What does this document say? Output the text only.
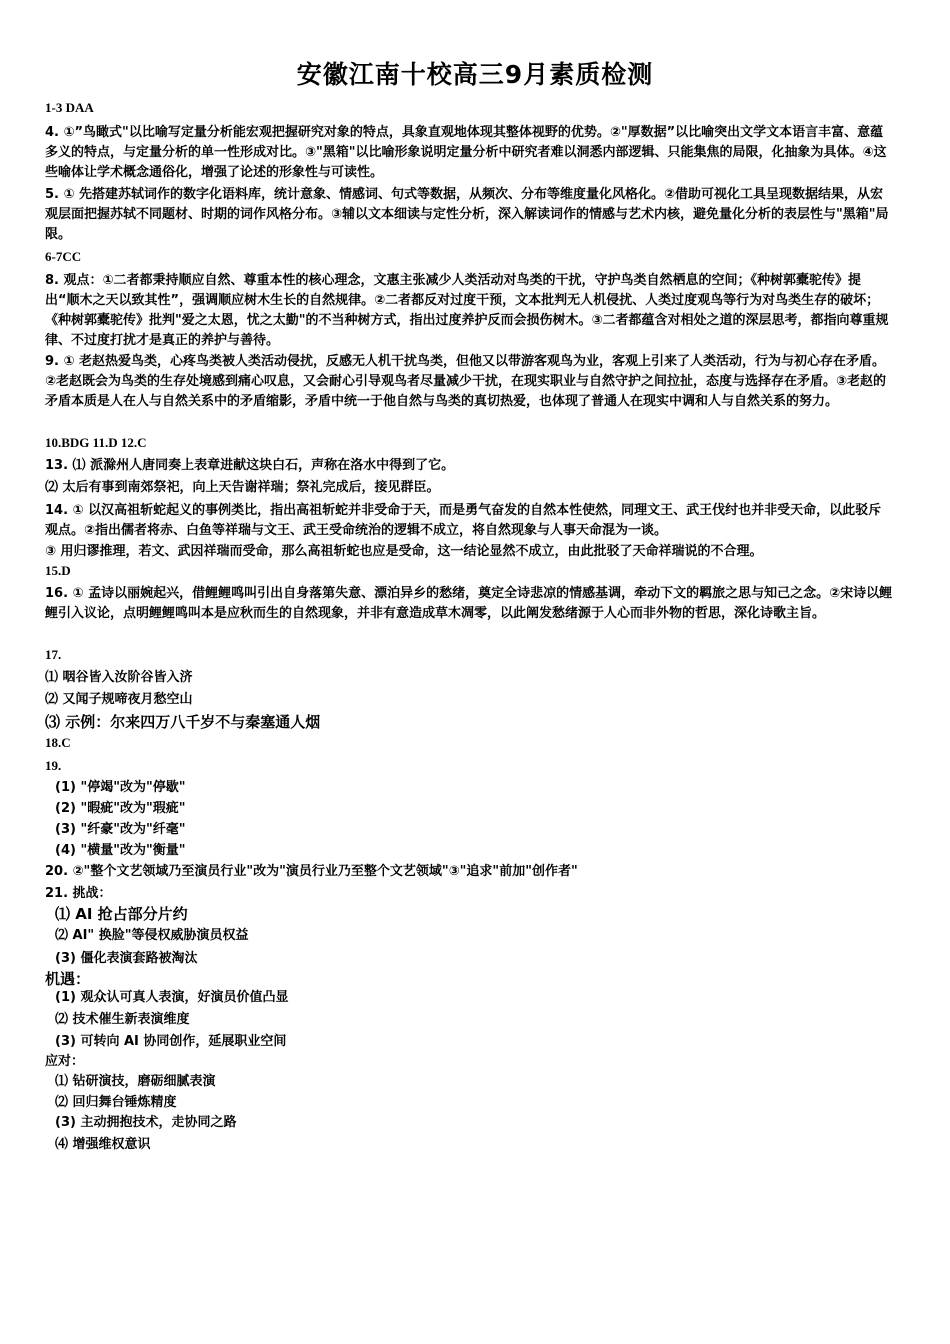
安徽江南十校高三9月素质检测
1-3 DAA
4. ①”鸟瞰式"以比喻写定量分析能宏观把握研究对象的特点，具象直观地体现其整体视野的优势。②"厚数据”以比喻突出文学文本语言丰富、意蕴多义的特点，与定量分析的单一性形成对比。③"黑箱"以比喻形象说明定量分析中研究者难以洞悉内部逻辑、只能集焦的局限，化抽象为具体。④这些喻体让学术概念通俗化，增强了论述的形象性与可读性。
5. ① 先搭建苏轼词作的数字化语料库，统计意象、情感词、句式等数据，从频次、分布等维度量化风格化。②借助可视化工具呈现数据结果，从宏观层面把握苏轼不同题材、时期的词作风格分布。③辅以文本细读与定性分析，深入解读词作的情感与艺术内核，避免量化分析的表层性与"黑箱"局限。
6-7CC
8. 观点：①二者都秉持顺应自然、尊重本性的核心理念，文惠主张减少人类活动对鸟类的干扰，守护鸟类自然栖息的空间；《种树郭橐驼传》提出“顺木之天以致其性”，强调顺应树木生长的自然规律。②二者都反对过度干预，文本批判无人机侵扰、人类过度观鸟等行为对鸟类生存的破坏；《种树郭橐驼传》批判"爱之太恩，忧之太勤"的不当种树方式，指出过度养护反而会损伤树木。③二者都蕴含对相处之道的深层思考，都指向尊重规律、不过度打扰才是真正的养护与善待。
9. ① 老赵热爱鸟类，心疼鸟类被人类活动侵扰，反感无人机干扰鸟类，但他又以带游客观鸟为业，客观上引来了人类活动，行为与初心存在矛盾。②老赵既会为鸟类的生存处境感到痛心叹息，又会耐心引导观鸟者尽量减少干扰，在现实职业与自然守护之间拉扯，态度与选择存在矛盾。③老赵的矛盾本质是人在人与自然关系中的矛盾缩影，矛盾中统一于他自然与鸟类的真切热爱，也体现了普通人在现实中调和人与自然关系的努力。
10.BDG 11.D 12.C
13. ⑴ 派滁州人唐同奏上表章进献这块白石，声称在洛水中得到了它。
⑵ 太后有事到南郊祭祀，向上天告谢祥瑞；祭礼完成后，接见群臣。
14. ① 以汉高祖斩蛇起义的事例类比，指出高祖斩蛇并非受命于天，而是勇气奋发的自然本性使然，同理文王、武王伐纣也并非受天命，以此驳斥观点。②指出儒者将赤、白鱼等祥瑞与文王、武王受命统治的逻辑不成立，将自然现象与人事天命混为一谈。
③ 用归谬推理，若文、武因祥瑞而受命，那么高祖斩蛇也应是受命，这一结论显然不成立，由此批驳了天命祥瑞说的不合理。
15.D
16. ① 孟诗以丽婉起兴，借鲤鲤鸣叫引出自身落第失意、漂泊异乡的愁绪，奠定全诗悲凉的情感基调，牵动下文的羁旅之思与知己之念。②宋诗以鲤鲤引入议论，点明鲤鲤鸣叫本是应秋而生的自然现象，并非有意造成草木凋零，以此阐发愁绪源于人心而非外物的哲思，深化诗歌主旨。
17.
⑴ 咽谷皆入汝阶谷皆入济
⑵ 又闻子规啼夜月愁空山
⑶ 示例：尔来四万八千岁不与秦塞通人烟
18.C
19.
(1) "停竭"改为"停歇"
(2) "暇疵"改为"瑕疵"
(3) "纤豪"改为"纤毫"
(4) "横量"改为"衡量"
20. ②"整个文艺领域乃至演员行业"改为"演员行业乃至整个文艺领域"③"追求"前加"创作者"
21. 挑战：
⑴ AI 抢占部分片约
⑵ AI" 换脸"等侵权威胁演员权益
(3) 僵化表演套路被淘汰
机遇：
(1) 观众认可真人表演，好演员价值凸显
⑵ 技术催生新表演维度
(3) 可转向 AI 协同创作，延展职业空间
应对：
⑴ 钻研演技，磨砺细腻表演
⑵ 回归舞台锤炼精度
(3) 主动拥抱技术，走协同之路
⑷ 增强维权意识
